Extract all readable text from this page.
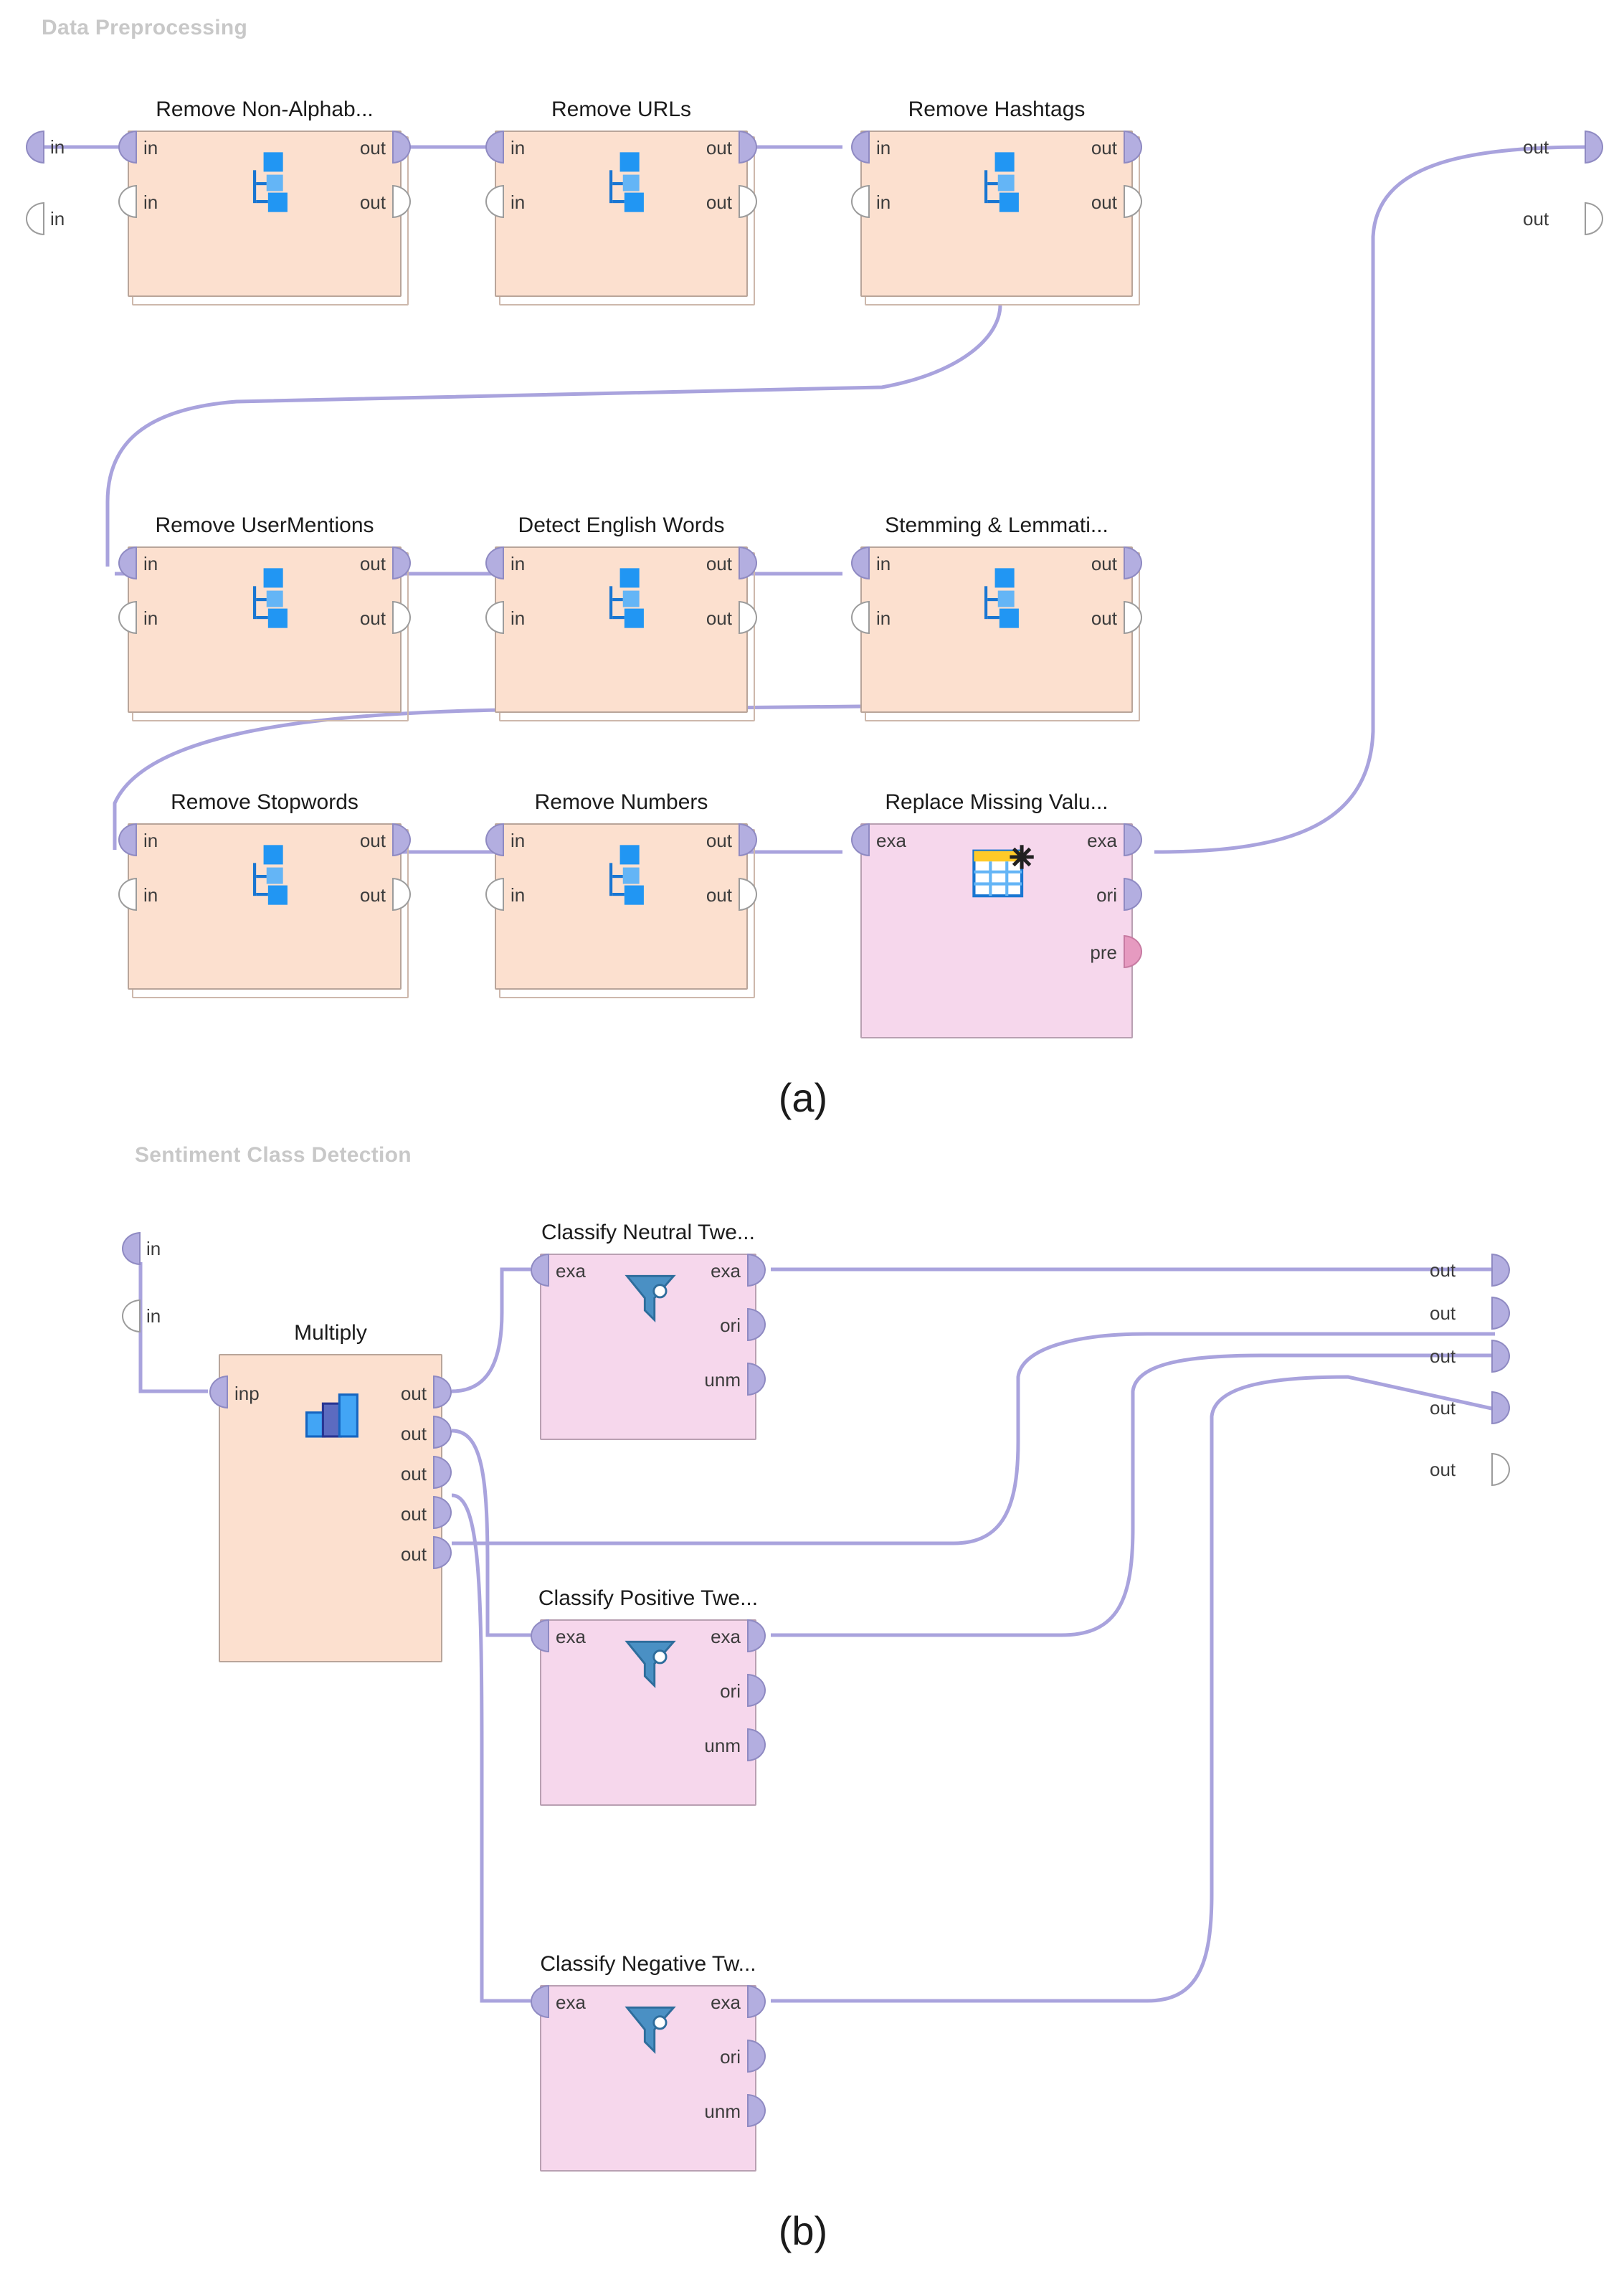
Data Preprocessing
in
in
out
out
Remove Non-Alphab...
in
in
out
out
Remove URLs
in
in
out
out
Remove Hashtags
in
in
out
out
Remove UserMentions
in
in
out
out
Detect English Words
in
in
out
out
Stemming & Lemmati...
in
in
out
out
Remove Stopwords
in
in
out
out
Remove Numbers
in
in
out
out
Replace Missing Valu...
exa	exa
ori
pre
(a)
Sentiment Class Detection
in
in
out
out
out
out
out
Multiply
inp	out
out
out
out
out
Classify Neutral Twe...
exa	exa
ori
unm
Classify Positive Twe...
exa	exa
ori
unm
Classify Negative Tw...
exa	exa
ori
unm
(b)
